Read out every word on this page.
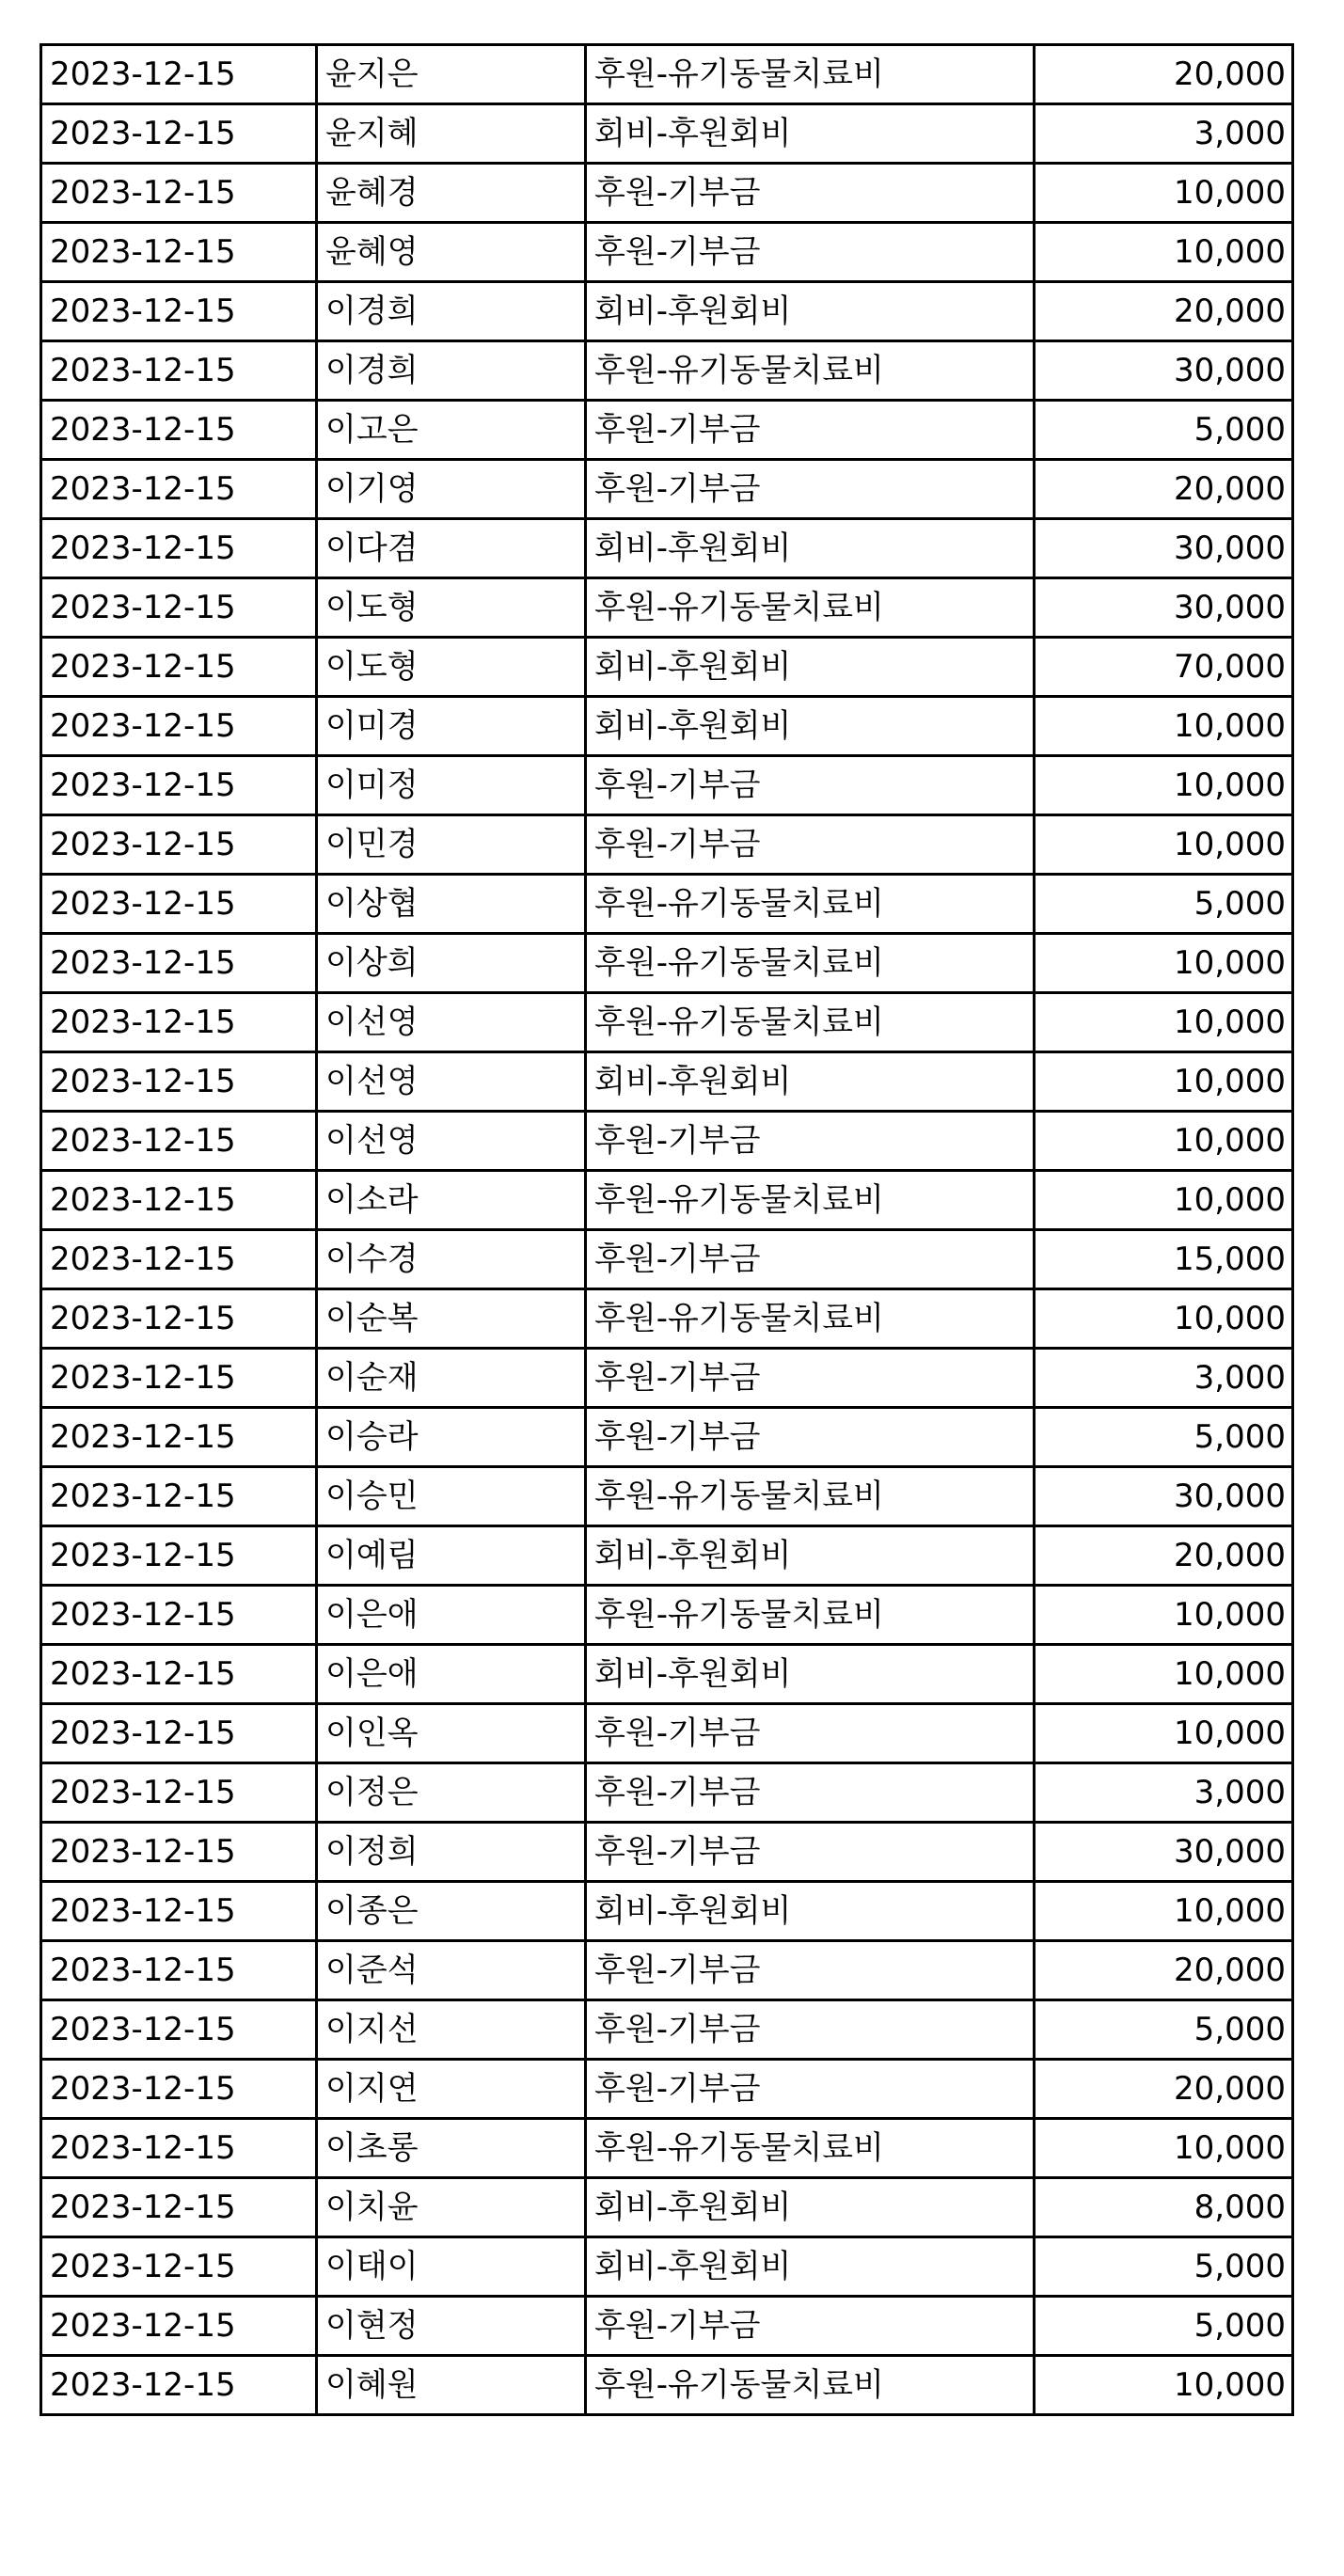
2023-12-15	윤지은	후원-유기동물치료비	20,000
2023-12-15	윤지혜	회비-후원회비	3,000
2023-12-15	윤혜경	후원-기부금	10,000
2023-12-15	윤혜영	후원-기부금	10,000
2023-12-15	이경희	회비-후원회비	20,000
2023-12-15	이경희	후원-유기동물치료비	30,000
2023-12-15	이고은	후원-기부금	5,000
2023-12-15	이기영	후원-기부금	20,000
2023-12-15	이다겸	회비-후원회비	30,000
2023-12-15	이도형	후원-유기동물치료비	30,000
2023-12-15	이도형	회비-후원회비	70,000
2023-12-15	이미경	회비-후원회비	10,000
2023-12-15	이미정	후원-기부금	10,000
2023-12-15	이민경	후원-기부금	10,000
2023-12-15	이상협	후원-유기동물치료비	5,000
2023-12-15	이상희	후원-유기동물치료비	10,000
2023-12-15	이선영	후원-유기동물치료비	10,000
2023-12-15	이선영	회비-후원회비	10,000
2023-12-15	이선영	후원-기부금	10,000
2023-12-15	이소라	후원-유기동물치료비	10,000
2023-12-15	이수경	후원-기부금	15,000
2023-12-15	이순복	후원-유기동물치료비	10,000
2023-12-15	이순재	후원-기부금	3,000
2023-12-15	이승라	후원-기부금	5,000
2023-12-15	이승민	후원-유기동물치료비	30,000
2023-12-15	이예림	회비-후원회비	20,000
2023-12-15	이은애	후원-유기동물치료비	10,000
2023-12-15	이은애	회비-후원회비	10,000
2023-12-15	이인옥	후원-기부금	10,000
2023-12-15	이정은	후원-기부금	3,000
2023-12-15	이정희	후원-기부금	30,000
2023-12-15	이종은	회비-후원회비	10,000
2023-12-15	이준석	후원-기부금	20,000
2023-12-15	이지선	후원-기부금	5,000
2023-12-15	이지연	후원-기부금	20,000
2023-12-15	이초롱	후원-유기동물치료비	10,000
2023-12-15	이치윤	회비-후원회비	8,000
2023-12-15	이태이	회비-후원회비	5,000
2023-12-15	이현정	후원-기부금	5,000
2023-12-15	이혜원	후원-유기동물치료비	10,000
